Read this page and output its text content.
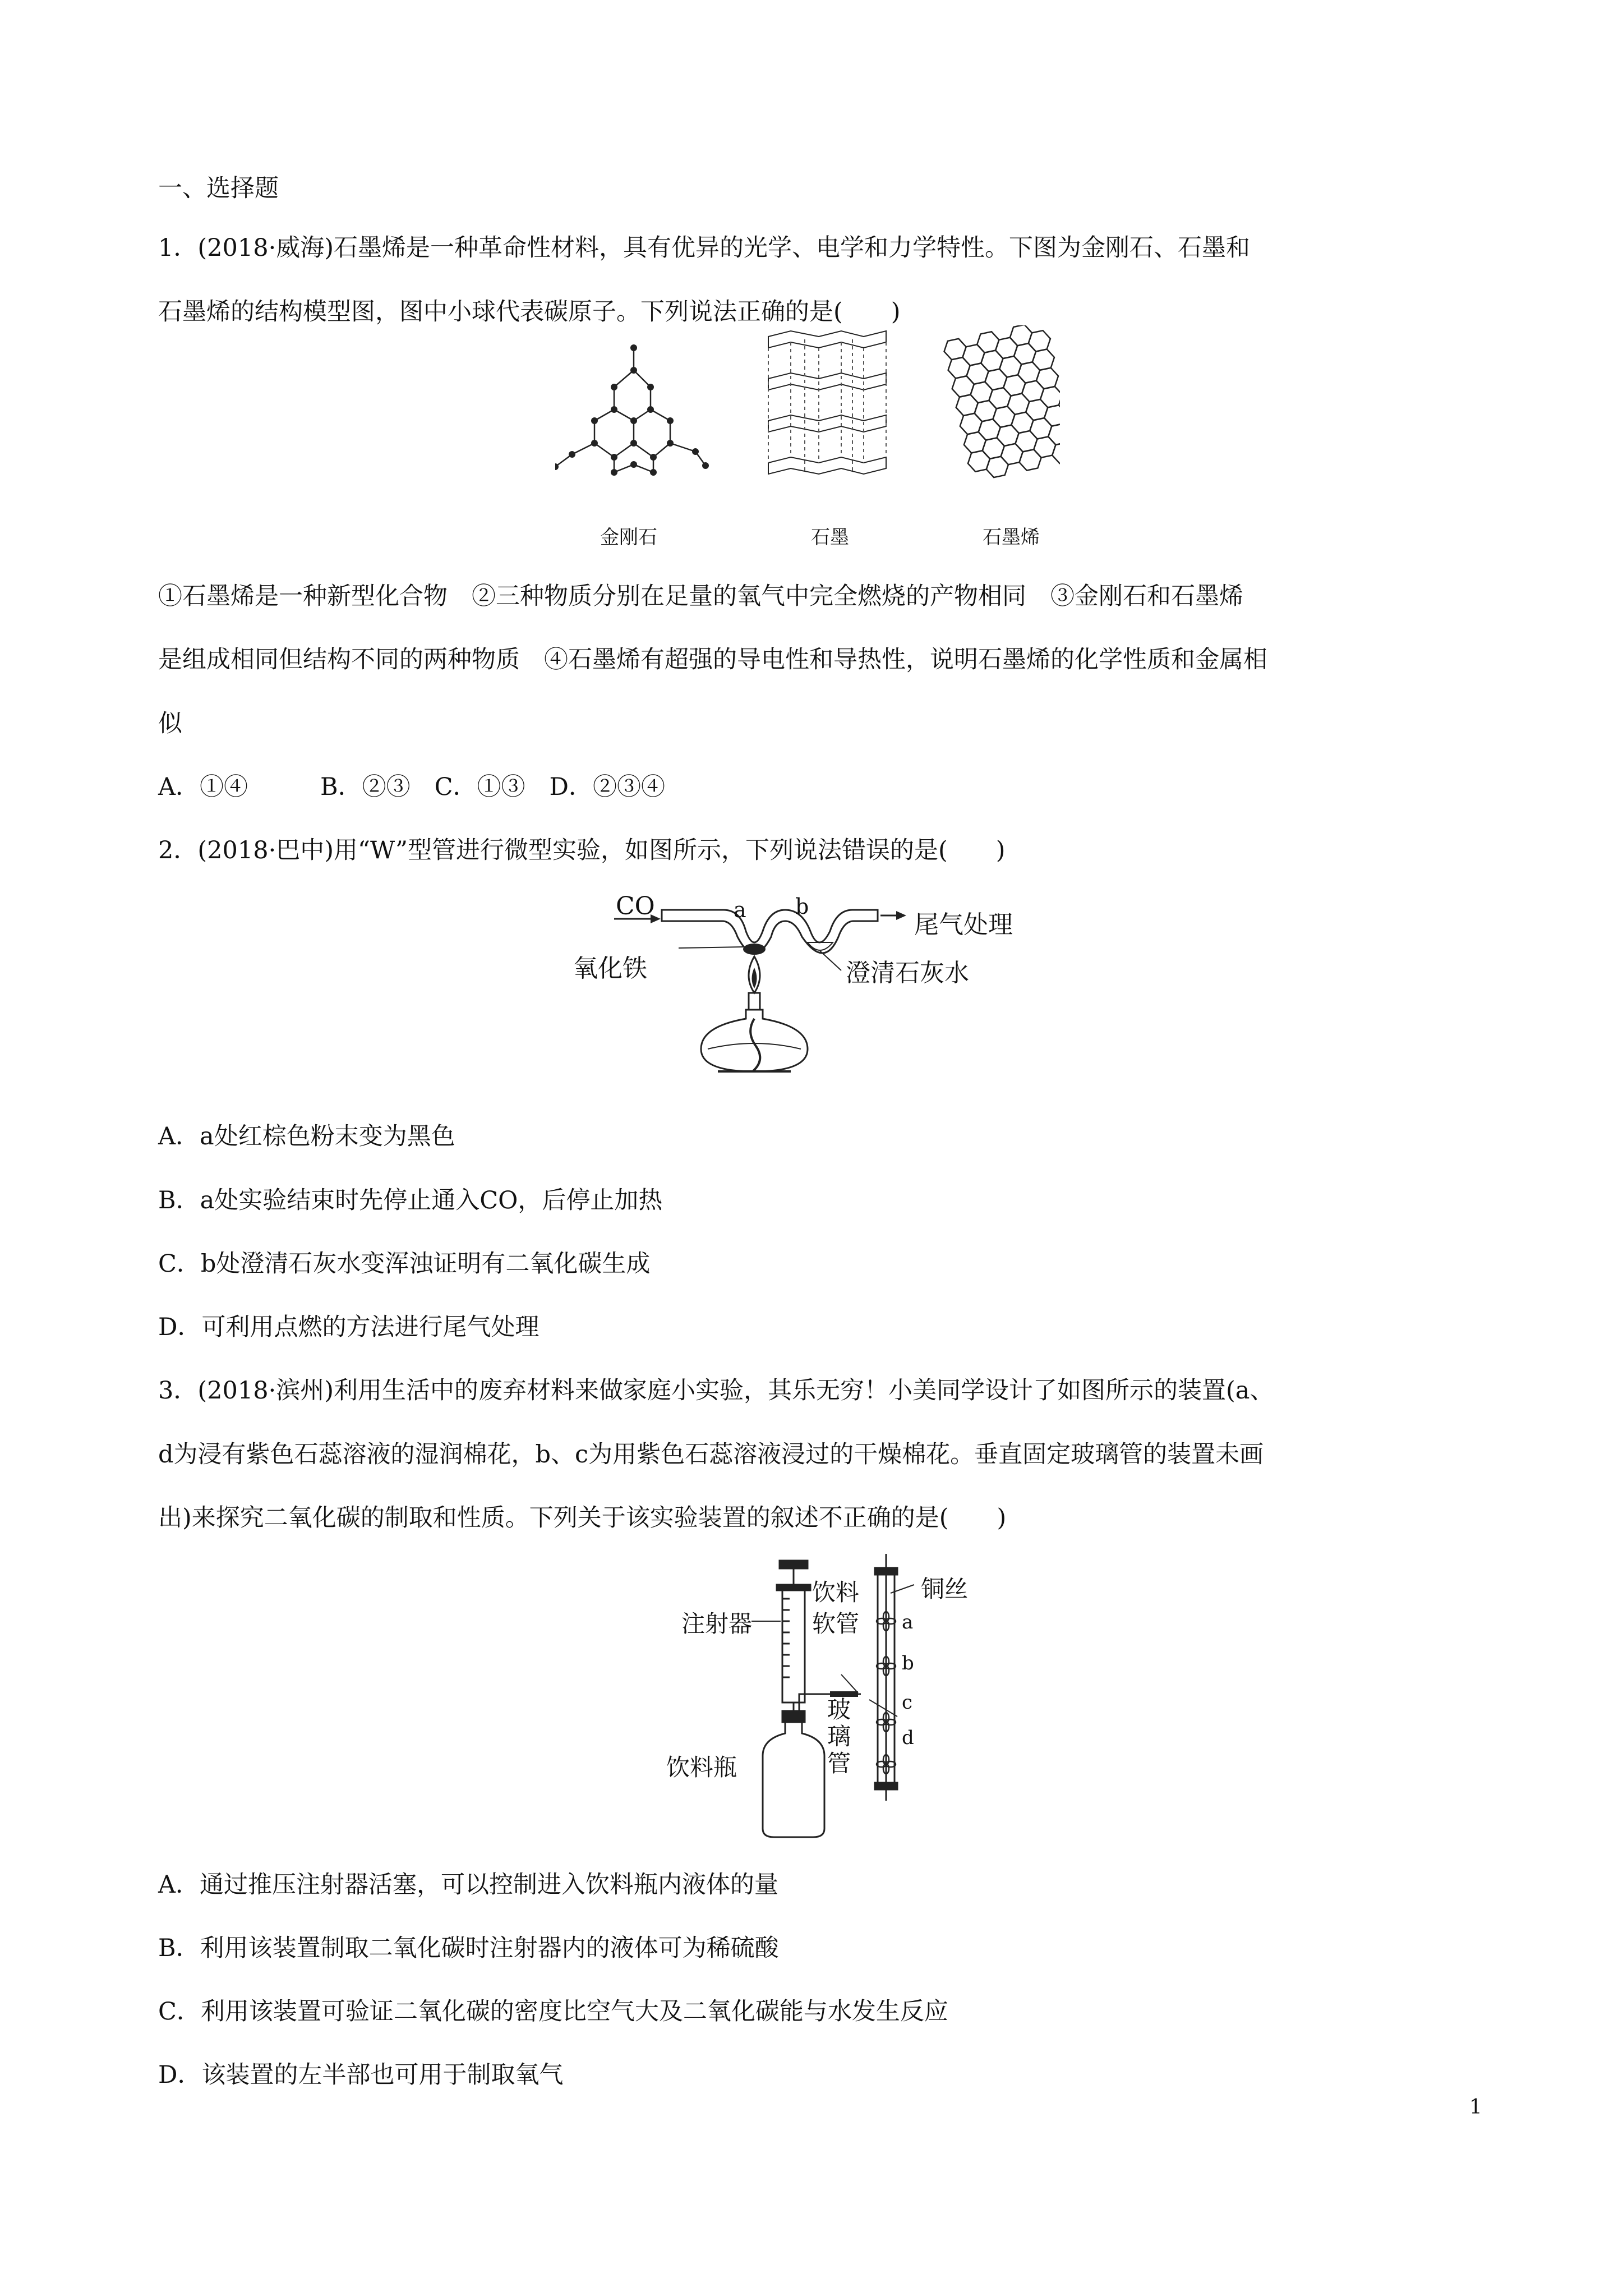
一、选择题
1．(2018·威海)石墨烯是一种革命性材料，具有优异的光学、电学和力学特性。下图为金刚石、石墨和
石墨烯的结构模型图，图中小球代表碳原子。下列说法正确的是(　　)
金刚石	石墨	石墨烯
①石墨烯是一种新型化合物　②三种物质分别在足量的氧气中完全燃烧的产物相同　③金刚石和石墨烯
是组成相同但结构不同的两种物质　④石墨烯有超强的导电性和导热性，说明石墨烯的化学性质和金属相
似
A．①④　　　B．②③　C．①③　D．②③④
2．(2018·巴中)用“W”型管进行微型实验，如图所示，下列说法错误的是(　　)
CO	a b
尾气处理
氧化铁	澄清石灰水
A．a处红棕色粉末变为黑色
B．a处实验结束时先停止通入CO，后停止加热
C．b处澄清石灰水变浑浊证明有二氧化碳生成
D．可利用点燃的方法进行尾气处理
3．(2018·滨州)利用生活中的废弃材料来做家庭小实验，其乐无穷！小美同学设计了如图所示的装置(a、
d为浸有紫色石蕊溶液的湿润棉花，b、c为用紫色石蕊溶液浸过的干燥棉花。垂直固定玻璃管的装置未画
出)来探究二氧化碳的制取和性质。下列关于该实验装置的叙述不正确的是(　　)
注射器
饮料
软管
铜丝
玻
璃
管
饮料瓶
a
b
c
d
A．通过推压注射器活塞，可以控制进入饮料瓶内液体的量
B．利用该装置制取二氧化碳时注射器内的液体可为稀硫酸
C．利用该装置可验证二氧化碳的密度比空气大及二氧化碳能与水发生反应
D．该装置的左半部也可用于制取氧气
1
